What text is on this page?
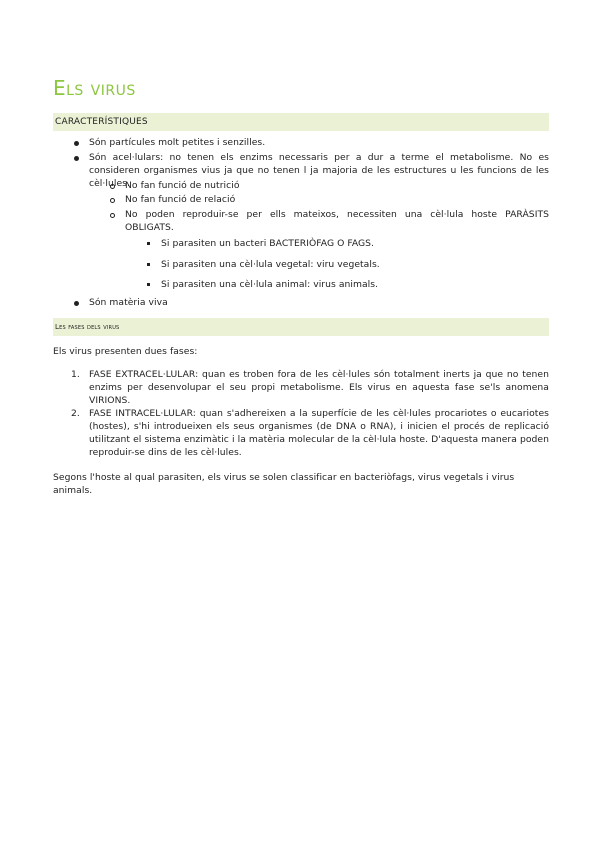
Els virus
CARACTERÍSTIQUES
Són partícules molt petites i senzilles.
Són acel·lulars: no tenen els enzims necessaris per a dur a terme el metabolisme. No es consideren organismes vius ja que no tenen l ja majoria de les estructures u les funcions de les cèl·lules.
No fan funció de nutrició
No fan funció de relació
No poden reproduir-se per ells mateixos, necessiten una cèl·lula hoste PARÀSITS OBLIGATS.
Si parasiten un bacteri BACTERIÒFAG O FAGS.
Si parasiten una cèl·lula vegetal: viru vegetals.
Si parasiten una cèl·lula animal: virus animals.
Són matèria viva
Les fases dels virus
Els virus presenten dues fases:
1. FASE EXTRACEL·LULAR: quan es troben fora de les cèl·lules són totalment inerts ja que no tenen enzims per desenvolupar el seu propi metabolisme. Els virus en aquesta fase se'ls anomena VIRIONS.
2. FASE INTRACEL·LULAR: quan s'adhereixen a la superfície de les cèl·lules procariotes o eucariotes (hostes), s'hi introdueixen els seus organismes (de DNA o RNA), i inicien el procés de replicació utilitzant el sistema enzimàtic i la matèria molecular de la cèl·lula hoste. D'aquesta manera poden reproduir-se dins de les cèl·lules.
Segons l'hoste al qual parasiten, els virus se solen classificar en bacteriòfags, virus vegetals i virus animals.
